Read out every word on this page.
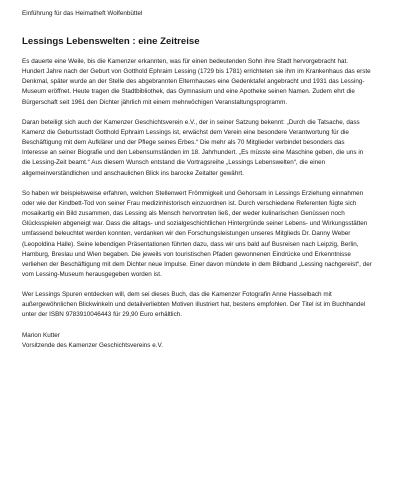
Einführung für das Heimatheft Wolfenbüttel
Lessings Lebenswelten : eine Zeitreise

Es dauerte eine Weile, bis die Kamenzer erkannten, was für einen bedeutenden Sohn ihre Stadt hervorgebracht hat. Hundert Jahre nach der Geburt von Gotthold Ephraim Lessing (1729 bis 1781) errichteten sie ihm im Krankenhaus das erste Denkmal, später wurde an der Stelle des abgebrannten Elternhauses eine Gedenktafel angebracht und 1931 das Lessing-Museum eröffnet. Heute tragen die Stadtbibliothek, das Gymnasium und eine Apotheke seinen Namen. Zudem ehrt die Bürgerschaft seit 1961 den Dichter jährlich mit einem mehrwöchigen Veranstaltungsprogramm.

Daran beteiligt sich auch der Kamenzer Geschichtsverein e.V., der in seiner Satzung bekennt: „Durch die Tatsache, dass Kamenz die Geburtsstadt Gotthold Ephraim Lessings ist, erwächst dem Verein eine besondere Verantwortung für die Beschäftigung mit dem Aufklärer und der Pflege seines Erbes.“ Die mehr als 70 Mitglieder verbindet besonders das Interesse an seiner Biografie und den Lebensumständen im 18. Jahrhundert. „Es müsste eine Maschine geben, die uns in die Lessing-Zeit beamt.“ Aus diesem Wunsch entstand die Vortragsreihe „Lessings Lebenswelten“, die einen allgemeinverständlichen und anschaulichen Blick ins barocke Zeitalter gewährt.

So haben wir beispielsweise erfahren, welchen Stellenwert Frömmigkeit und Gehorsam in Lessings Erziehung einnahmen oder wie der Kindbett-Tod von seiner Frau medizinhistorisch einzuordnen ist. Durch verschiedene Referenten fügte sich mosaikartig ein Bild zusammen, das Lessing als Mensch hervortreten ließ, der weder kulinarischen Genüssen noch Glücksspielen abgeneigt war. Dass die alltags- und sozialgeschichtlichen Hintergründe seiner Lebens- und Wirkungsstätten umfassend beleuchtet werden konnten, verdanken wir den Forschungsleistungen unseres Mitglieds Dr. Danny Weber (Leopoldina Halle). Seine lebendigen Präsentationen führten dazu, dass wir uns bald auf Busreisen nach Leipzig, Berlin, Hamburg, Breslau und Wien begaben. Die jeweils von touristischen Pfaden gewonnenen Eindrücke und Erkenntnisse verliehen der Beschäftigung mit dem Dichter neue Impulse. Einer davon mündete in dem Bildband „Lessing nachgereist“, der vom Lessing-Museum herausgegeben worden ist.

Wer Lessings Spuren entdecken will, dem sei dieses Buch, das die Kamenzer Fotografin Anne Hasselbach mit außergewöhnlichen Blickwinkeln und detailverliebten Motiven illustriert hat, bestens empfohlen. Der Titel ist im Buchhandel unter der ISBN 9783910046443 für 29,90 Euro erhältlich.

Marion Kutter
Vorsitzende des Kamenzer Geschichtsvereins e.V.
